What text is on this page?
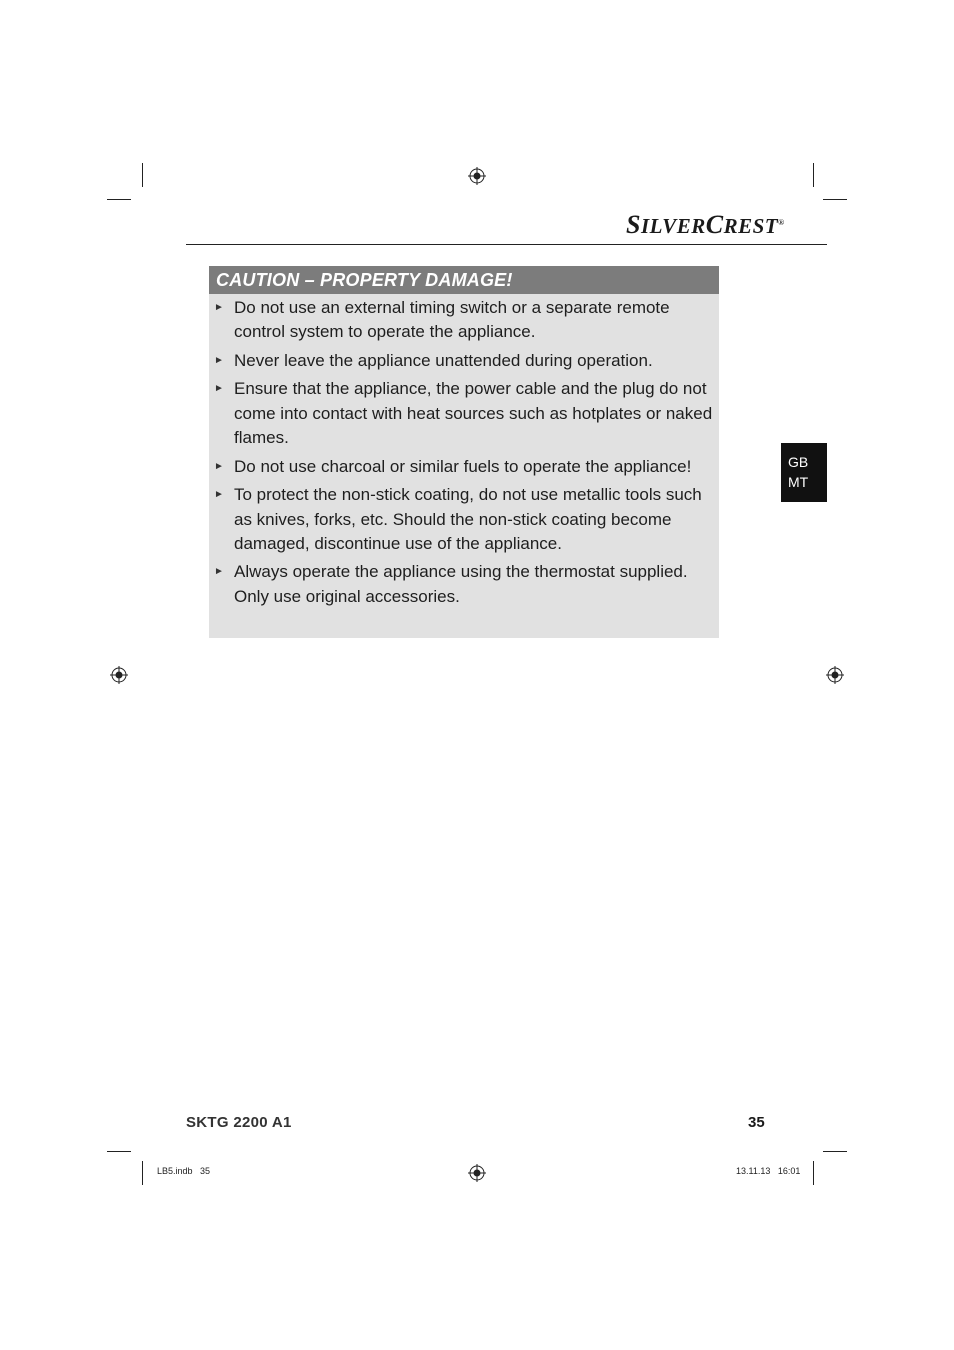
SILVERCREST®
CAUTION – PROPERTY DAMAGE!
► Do not use an external timing switch or a separate remote control system to operate the appliance.
► Never leave the appliance unattended during operation.
► Ensure that the appliance, the power cable and the plug do not come into contact with heat sources such as hotplates or naked flames.
► Do not use charcoal or similar fuels to operate the appliance!
► To protect the non-stick coating, do not use metallic tools such as knives, forks, etc. Should the non-stick coating become damaged, discontinue use of the appliance.
► Always operate the appliance using the thermostat supplied. Only use original accessories.
GB
MT
SKTG 2200 A1	35
LB5.indb   35	13.11.13   16:01
